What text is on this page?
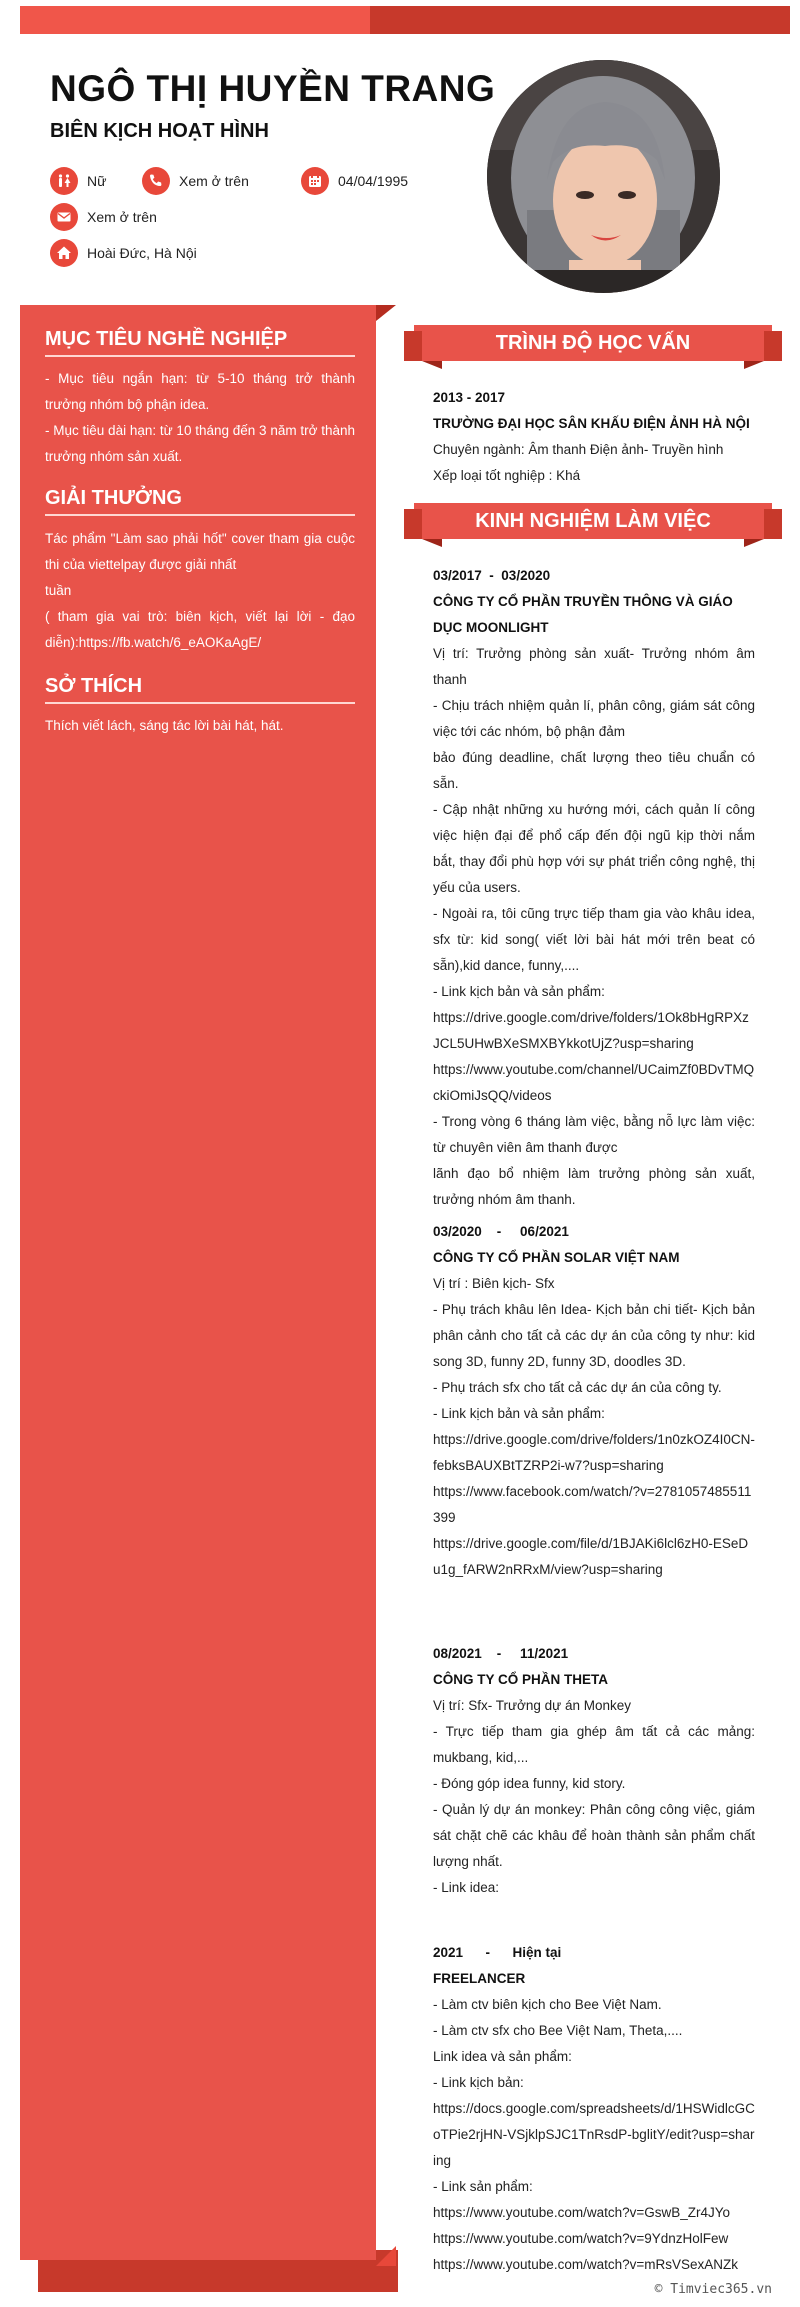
NGÔ THỊ HUYỀN TRANG
BIÊN KỊCH HOẠT HÌNH
Nữ	Xem ở trên	04/04/1995
Xem ở trên
Hoài Đức, Hà Nội
MỤC TIÊU NGHỀ NGHIỆP

- Mục tiêu ngắn hạn: từ 5-10 tháng trở thành trưởng nhóm bộ phận idea.

- Mục tiêu dài hạn: từ 10 tháng đến 3 năm trở thành trưởng nhóm sản xuất.

GIẢI THƯỞNG

Tác phẩm "Làm sao phải hốt" cover tham gia cuộc thi của viettelpay được giải nhất

tuần

( tham gia vai trò: biên kịch, viết lại lời - đạo diễn):https://fb.watch/6_eAOKaAgE/

SỞ THÍCH

Thích viết lách, sáng tác lời bài hát, hát.

TRÌNH ĐỘ HỌC VẤN
2013 - 2017
TRƯỜNG ĐẠI HỌC SÂN KHẤU ĐIỆN ẢNH HÀ NỘI

Chuyên ngành: Âm thanh Điện ảnh- Truyền hình

Xếp loại tốt nghiệp : Khá

KINH NGHIỆM LÀM VIỆC
03/2017  -  03/2020
CÔNG TY CỔ PHẦN TRUYỀN THÔNG VÀ GIÁO DỤC MOONLIGHT

Vị trí: Trưởng phòng sản xuất- Trưởng nhóm âm thanh

- Chịu trách nhiệm quản lí, phân công, giám sát công việc tới các nhóm, bộ phận đảm

bảo đúng deadline, chất lượng theo tiêu chuẩn có sẵn.

- Cập nhật những xu hướng mới, cách quản lí công việc hiện đại để phổ cấp đến đội ngũ kịp thời nắm bắt, thay đổi phù hợp với sự phát triển công nghệ, thị yếu của users.

- Ngoài ra, tôi cũng trực tiếp tham gia vào khâu idea, sfx từ: kid song( viết lời bài hát mới trên beat có sẵn),kid dance, funny,....

- Link kịch bản và sản phẩm:

https://drive.google.com/drive/folders/1Ok8bHgRPXzJCL5UHwBXeSMXBYkkotUjZ?usp=sharing

https://www.youtube.com/channel/UCaimZf0BDvTMQckiOmiJsQQ/videos

- Trong vòng 6 tháng làm việc, bằng nỗ lực làm việc: từ chuyên viên âm thanh được

lãnh đạo bổ nhiệm làm trưởng phòng sản xuất, trưởng nhóm âm thanh.

03/2020    -     06/2021
CÔNG TY CỔ PHẦN SOLAR VIỆT NAM

Vị trí : Biên kịch- Sfx

- Phụ trách khâu lên Idea- Kịch bản chi tiết- Kịch bản phân cảnh cho tất cả các dự án của công ty như: kid song 3D, funny 2D, funny 3D, doodles 3D.

- Phụ trách sfx cho tất cả các dự án của công ty.

- Link kịch bản và sản phẩm:

https://drive.google.com/drive/folders/1n0zkOZ4I0CN-febksBAUXBtTZRP2i-w7?usp=sharing

https://www.facebook.com/watch/?v=2781057485511399

https://drive.google.com/file/d/1BJAKi6lcl6zH0-ESeDu1g_fARW2nRRxM/view?usp=sharing

08/2021    -     11/2021
CÔNG TY CỔ PHẦN THETA

Vị trí: Sfx- Trưởng dự án Monkey

- Trực tiếp tham gia ghép âm tất cả các mảng: mukbang, kid,...

- Đóng góp idea funny, kid story.

- Quản lý dự án monkey: Phân công công việc, giám sát chặt chẽ các khâu để hoàn thành sản phẩm chất lượng nhất.

- Link idea:

2021      -      Hiện tại
FREELANCER

- Làm ctv biên kịch cho Bee Việt Nam.

- Làm ctv sfx cho Bee Việt Nam, Theta,....

Link idea và sản phẩm:

- Link kịch bản:

https://docs.google.com/spreadsheets/d/1HSWidlcGCoTPie2rjHN-VSjklpSJC1TnRsdP-bglitY/edit?usp=sharing

- Link sản phẩm:

https://www.youtube.com/watch?v=GswB_Zr4JYo

https://www.youtube.com/watch?v=9YdnzHolFew

https://www.youtube.com/watch?v=mRsVSexANZk

© Timviec365.vn
